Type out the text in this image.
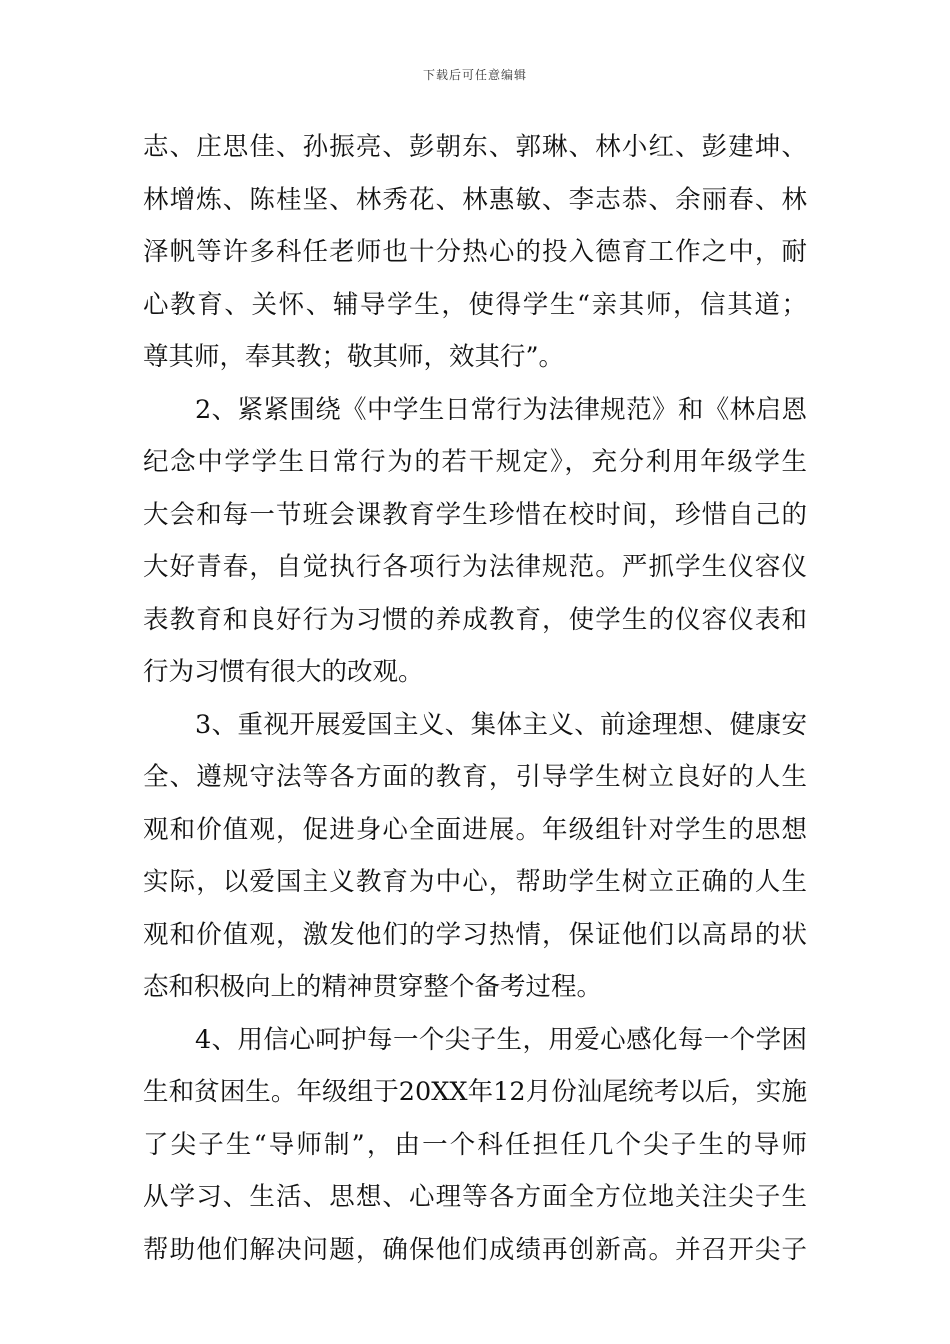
下载后可任意编辑
志、庄思佳、孙振亮、彭朝东、郭琳、林小红、彭建坤、
林增炼、陈桂坚、林秀花、林惠敏、李志恭、余丽春、林
泽帆等许多科任老师也十分热心的投入德育工作之中，耐
心教育、关怀、辅导学生，使得学生“亲其师，信其道；
尊其师，奉其教；敬其师，效其行”。
2、紧紧围绕《中学生日常行为法律规范》和《林启恩
纪念中学学生日常行为的若干规定》，充分利用年级学生
大会和每一节班会课教育学生珍惜在校时间，珍惜自己的
大好青春，自觉执行各项行为法律规范。严抓学生仪容仪
表教育和良好行为习惯的养成教育，使学生的仪容仪表和
行为习惯有很大的改观。
3、重视开展爱国主义、集体主义、前途理想、健康安
全、遵规守法等各方面的教育，引导学生树立良好的人生
观和价值观，促进身心全面进展。年级组针对学生的思想
实际，以爱国主义教育为中心，帮助学生树立正确的人生
观和价值观，激发他们的学习热情，保证他们以高昂的状
态和积极向上的精神贯穿整个备考过程。
4、用信心呵护每一个尖子生，用爱心感化每一个学困
生和贫困生。年级组于20XX年12月份汕尾统考以后，实施
了尖子生“导师制”，由一个科任担任几个尖子生的导师
从学习、生活、思想、心理等各方面全方位地关注尖子生
帮助他们解决问题，确保他们成绩再创新高。并召开尖子
